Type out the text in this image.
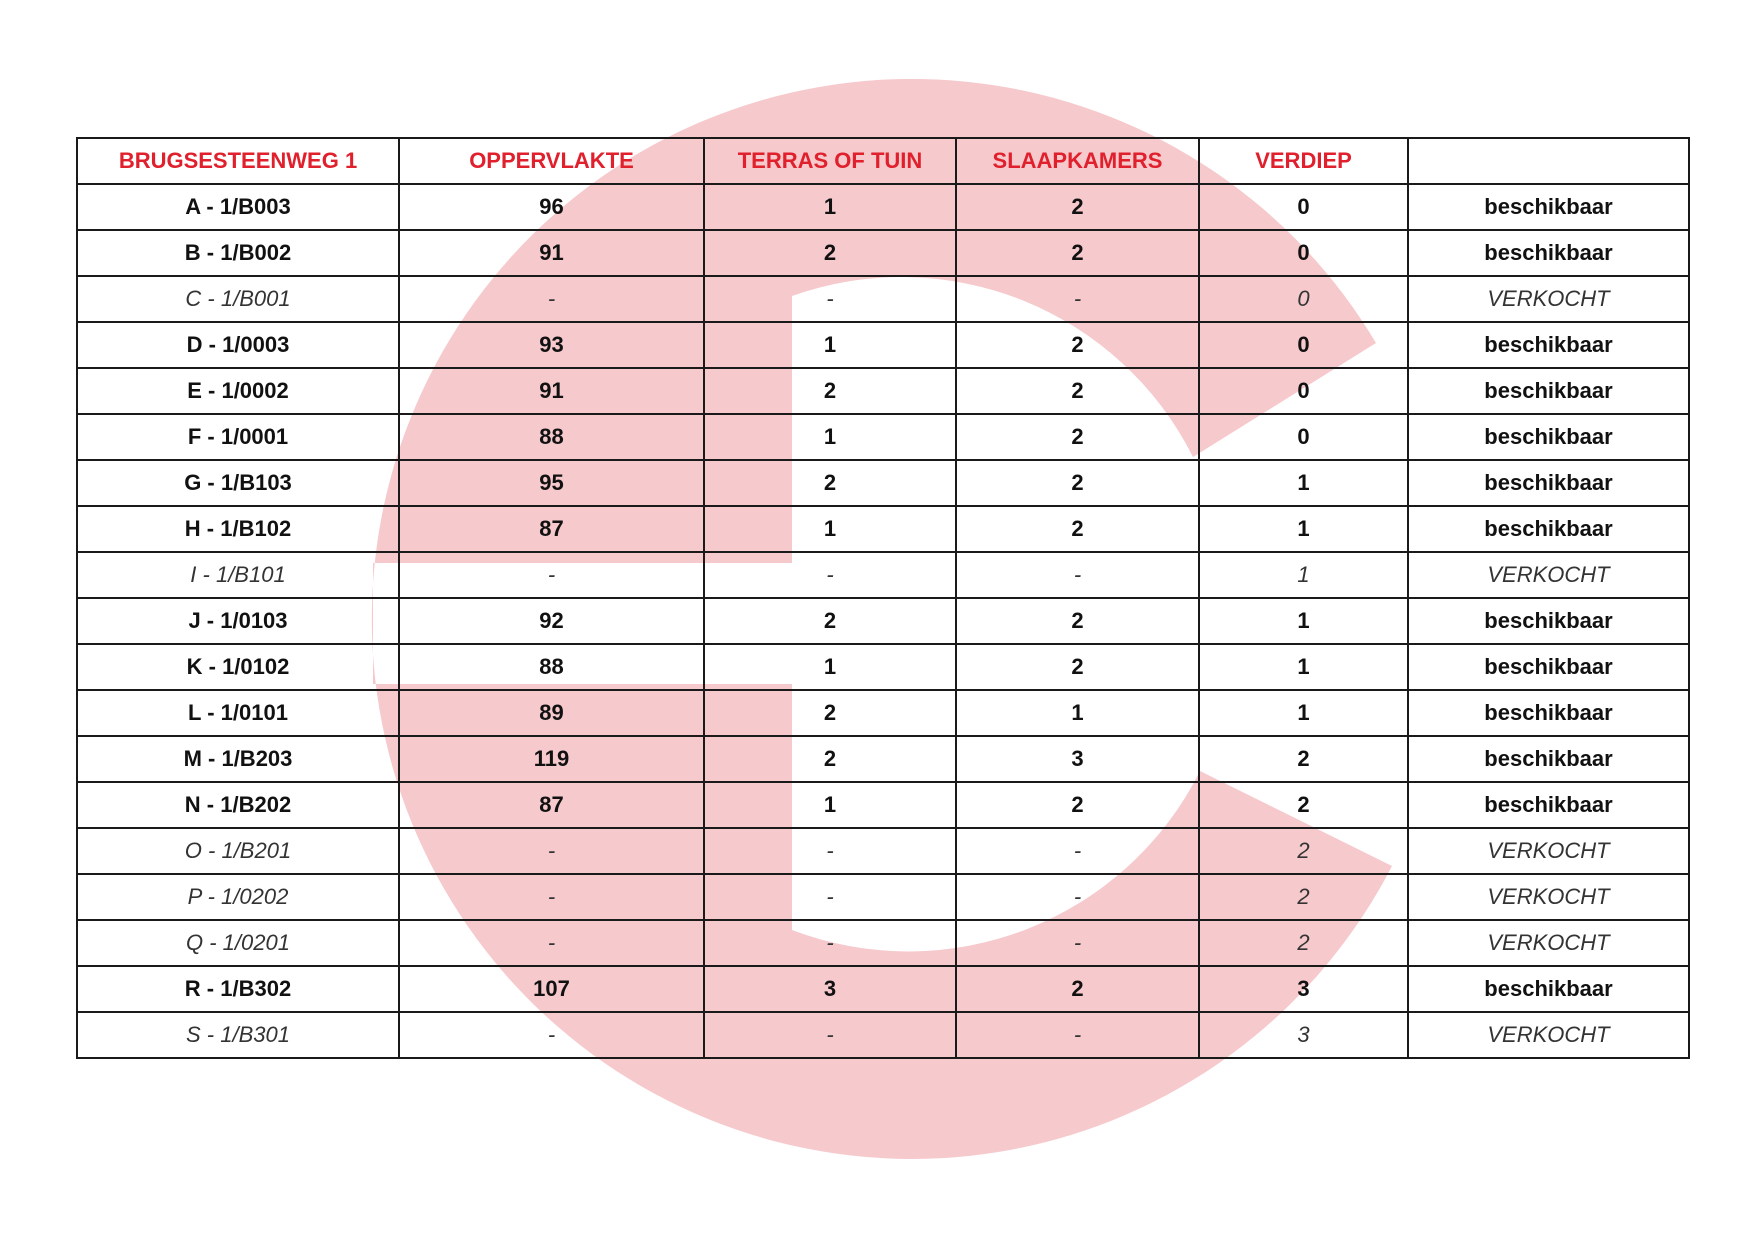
BRUGSESTEENWEG 1	OPPERVLAKTE	TERRAS OF TUIN	SLAAPKAMERS	VERDIEP	
A - 1/B003	96	1	2	0	beschikbaar
B - 1/B002	91	2	2	0	beschikbaar
C - 1/B001	-	-	-	0	VERKOCHT
D - 1/0003	93	1	2	0	beschikbaar
E - 1/0002	91	2	2	0	beschikbaar
F - 1/0001	88	1	2	0	beschikbaar
G - 1/B103	95	2	2	1	beschikbaar
H - 1/B102	87	1	2	1	beschikbaar
I - 1/B101	-	-	-	1	VERKOCHT
J - 1/0103	92	2	2	1	beschikbaar
K - 1/0102	88	1	2	1	beschikbaar
L - 1/0101	89	2	1	1	beschikbaar
M - 1/B203	119	2	3	2	beschikbaar
N - 1/B202	87	1	2	2	beschikbaar
O - 1/B201	-	-	-	2	VERKOCHT
P - 1/0202	-	-	-	2	VERKOCHT
Q - 1/0201	-	-	-	2	VERKOCHT
R - 1/B302	107	3	2	3	beschikbaar
S - 1/B301	-	-	-	3	VERKOCHT
